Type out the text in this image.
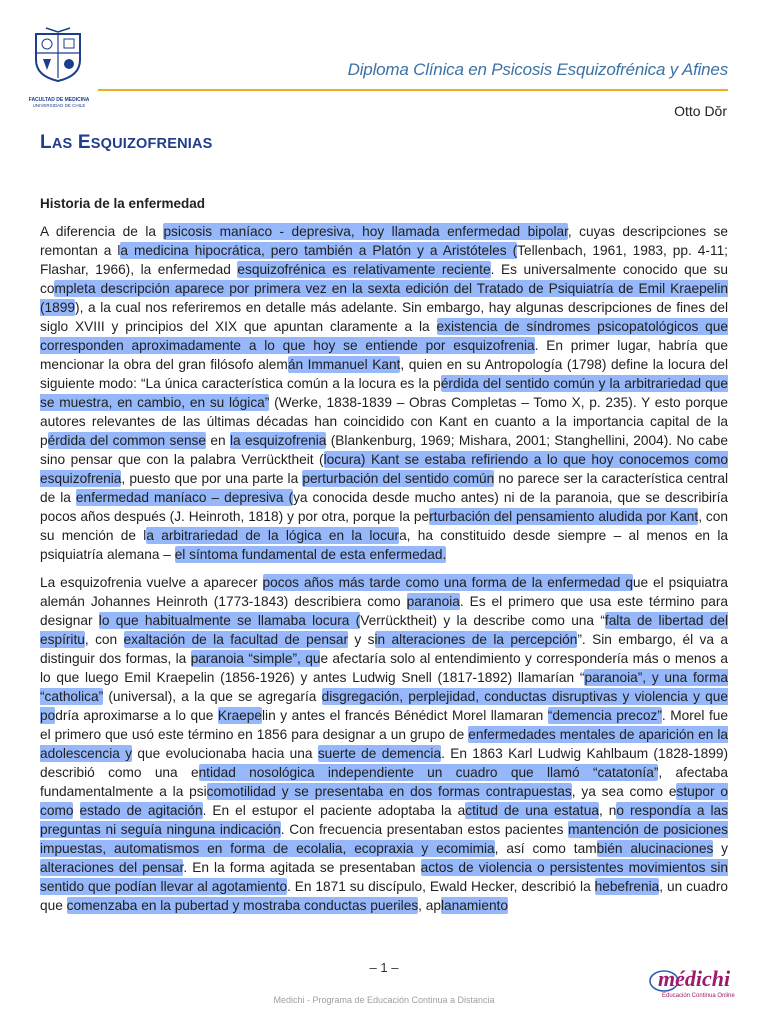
FACULTAD DE MEDICINA
UNIVERSIDAD DE CHILE
Diploma Clínica en Psicosis Esquizofrénica y Afines
Otto Dŏr
LAS ESQUIZOFRENIAS
Historia de la enfermedad

A diferencia de la psicosis maníaco - depresiva, hoy llamada enfermedad bipolar, cuyas descripciones se remontan a la medicina hipocrática, pero también a Platón y a Aristóteles (Tellenbach, 1961, 1983, pp. 4-11; Flashar, 1966), la enfermedad esquizofrénica es relativamente reciente. Es universalmente conocido que su completa descripción aparece por primera vez en la sexta edición del Tratado de Psiquiatría de Emil Kraepelin (1899), a la cual nos referiremos en detalle más adelante. Sin embargo, hay algunas descripciones de fines del siglo XVIII y principios del XIX que apuntan claramente a la existencia de síndromes psicopatológicos que corresponden aproximadamente a lo que hoy se entiende por esquizofrenia. En primer lugar, habría que mencionar la obra del gran filósofo alemán Immanuel Kant, quien en su Antropología (1798) define la locura del siguiente modo: “La única característica común a la locura es la pérdida del sentido común y la arbitrariedad que se muestra, en cambio, en su lógica” (Werke, 1838-1839 – Obras Completas – Tomo X, p. 235). Y esto porque autores relevantes de las últimas décadas han coincidido con Kant en cuanto a la importancia capital de la pérdida del common sense en la esquizofrenia (Blankenburg, 1969; Mishara, 2001; Stanghellini, 2004). No cabe sino pensar que con la palabra Verrücktheit (locura) Kant se estaba refiriendo a lo que hoy conocemos como esquizofrenia, puesto que por una parte la perturbación del sentido común no parece ser la característica central de la enfermedad maníaco – depresiva (ya conocida desde mucho antes) ni de la paranoia, que se describiría pocos años después (J. Heinroth, 1818) y por otra, porque la perturbación del pensamiento aludida por Kant, con su mención de la arbitrariedad de la lógica en la locura, ha constituido desde siempre – al menos en la psiquiatría alemana – el síntoma fundamental de esta enfermedad.

La esquizofrenia vuelve a aparecer pocos años más tarde como una forma de la enfermedad que el psiquiatra alemán Johannes Heinroth (1773-1843) describiera como paranoia. Es el primero que usa este término para designar lo que habitualmente se llamaba locura (Verrücktheit) y la describe como una “falta de libertad del espíritu, con exaltación de la facultad de pensar y sin alteraciones de la percepción”. Sin embargo, él va a distinguir dos formas, la paranoia “simple”, que afectaría solo al entendimiento y correspondería más o menos a lo que luego Emil Kraepelin (1856-1926) y antes Ludwig Snell (1817-1892) llamarían “paranoia”, y una forma “catholica” (universal), a la que se agregaría disgregación, perplejidad, conductas disruptivas y violencia y que podría aproximarse a lo que Kraepelin y antes el francés Bénédict Morel llamaran “demencia precoz”. Morel fue el primero que usó este término en 1856 para designar a un grupo de enfermedades mentales de aparición en la adolescencia y que evolucionaba hacia una suerte de demencia. En 1863 Karl Ludwig Kahlbaum (1828-1899) describió como una entidad nosológica independiente un cuadro que llamó “catatonía”, afectaba fundamentalmente a la psicomotilidad y se presentaba en dos formas contrapuestas, ya sea como estupor o como estado de agitación. En el estupor el paciente adoptaba la actitud de una estatua, no respondía a las preguntas ni seguía ninguna indicación. Con frecuencia presentaban estos pacientes mantención de posiciones impuestas, automatismos en forma de ecolalia, ecopraxia y ecomimia, así como también alucinaciones y alteraciones del pensar. En la forma agitada se presentaban actos de violencia o persistentes movimientos sin sentido que podían llevar al agotamiento. En 1871 su discípulo, Ewald Hecker, describió la hebefrenia, un cuadro que comenzaba en la pubertad y mostraba conductas pueriles, aplanamiento

– 1 –
Medichi - Programa de Educación Continua a Distancia
médichi
Educación Continua Online
